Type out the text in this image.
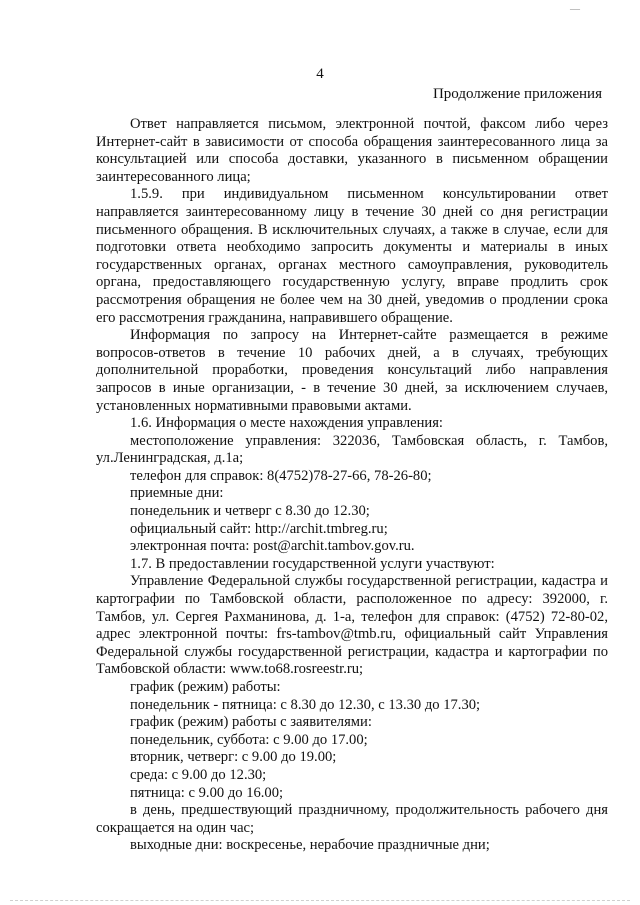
—
4
Продолжение приложения

Ответ направляется письмом, электронной почтой, факсом либо через Интернет-сайт в зависимости от способа обращения заинтересованного лица за консультацией или способа доставки, указанного в письменном обращении заинтересованного лица;

1.5.9. при индивидуальном письменном консультировании ответ направляется заинтересованному лицу в течение 30 дней со дня регистрации письменного обращения. В исключительных случаях, а также в случае, если для подготовки ответа необходимо запросить документы и материалы в иных государственных органах, органах местного самоуправления, руководитель органа, предоставляющего государственную услугу, вправе продлить срок рассмотрения обращения не более чем на 30 дней, уведомив о продлении срока его рассмотрения гражданина, направившего обращение.

Информация по запросу на Интернет-сайте размещается в режиме вопросов-ответов в течение 10 рабочих дней, а в случаях, требующих дополнительной проработки, проведения консультаций либо направления запросов в иные организации, - в течение 30 дней, за исключением случаев, установленных нормативными правовыми актами.

1.6. Информация о месте нахождения управления:

местоположение управления: 322036, Тамбовская область, г. Тамбов, ул.Ленинградская, д.1а;

телефон для справок: 8(4752)78-27-66, 78-26-80;

приемные дни:

понедельник и четверг с 8.30 до 12.30;

официальный сайт: http://archit.tmbreg.ru;

электронная почта: post@archit.tambov.gov.ru.

1.7. В предоставлении государственной услуги участвуют:

Управление Федеральной службы государственной регистрации, кадастра и картографии по Тамбовской области, расположенное по адресу: 392000, г. Тамбов, ул. Сергея Рахманинова, д. 1-а, телефон для справок: (4752) 72-80-02, адрес электронной почты: frs-tambov@tmb.ru, официальный сайт Управления Федеральной службы государственной регистрации, кадастра и картографии по Тамбовской области: www.to68.rosreestr.ru;

график (режим) работы:

понедельник - пятница: с 8.30 до 12.30, с 13.30 до 17.30;

график (режим) работы с заявителями:

понедельник, суббота: с 9.00 до 17.00;

вторник, четверг: с 9.00 до 19.00;

среда: с 9.00 до 12.30;

пятница: с 9.00 до 16.00;

в день, предшествующий праздничному, продолжительность рабочего дня сокращается на один час;

выходные дни: воскресенье, нерабочие праздничные дни;
